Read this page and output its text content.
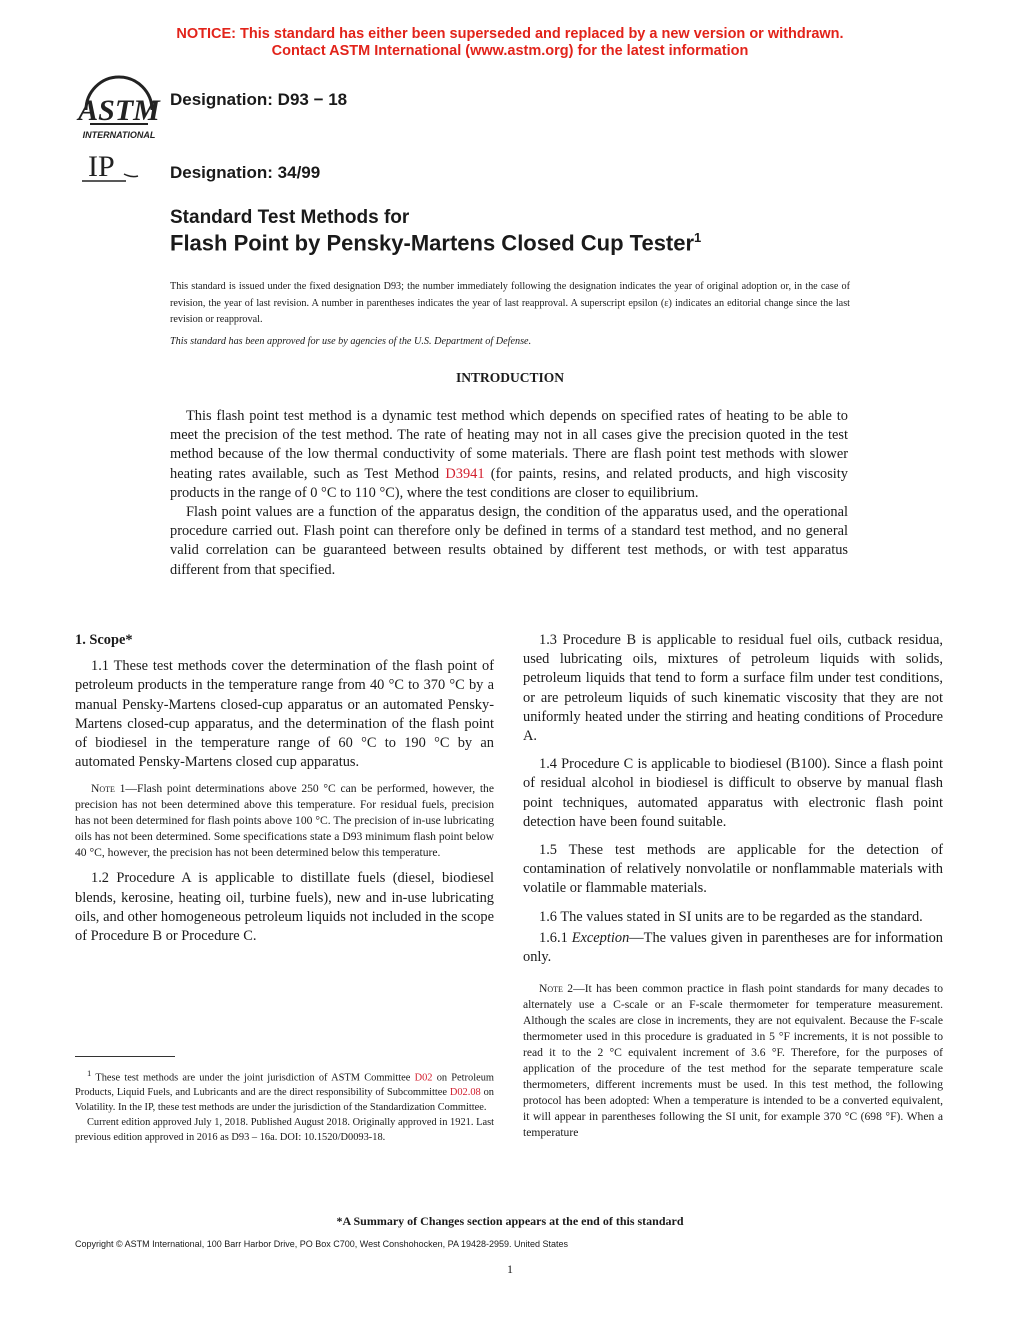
NOTICE: This standard has either been superseded and replaced by a new version or withdrawn.
Contact ASTM International (www.astm.org) for the latest information
ASTM
INTERNATIONAL
Designation: D93 − 18
IP	Designation: 34/99
Standard Test Methods for
Flash Point by Pensky-Martens Closed Cup Tester$^1$
This standard is issued under the fixed designation D93; the number immediately following the designation indicates the year of original adoption or, in the case of revision, the year of last revision. A number in parentheses indicates the year of last reapproval. A superscript epsilon (ε) indicates an editorial change since the last revision or reapproval.
This standard has been approved for use by agencies of the U.S. Department of Defense.
INTRODUCTION

This flash point test method is a dynamic test method which depends on specified rates of heating to be able to meet the precision of the test method. The rate of heating may not in all cases give the precision quoted in the test method because of the low thermal conductivity of some materials. There are flash point test methods with slower heating rates available, such as Test Method D3941 (for paints, resins, and related products, and high viscosity products in the range of 0 °C to 110 °C), where the test conditions are closer to equilibrium.

Flash point values are a function of the apparatus design, the condition of the apparatus used, and the operational procedure carried out. Flash point can therefore only be defined in terms of a standard test method, and no general valid correlation can be guaranteed between results obtained by different test methods, or with test apparatus different from that specified.

1. Scope*

1.1 These test methods cover the determination of the flash point of petroleum products in the temperature range from 40 °C to 370 °C by a manual Pensky-Martens closed-cup apparatus or an automated Pensky-Martens closed-cup apparatus, and the determination of the flash point of biodiesel in the temperature range of 60 °C to 190 °C by an automated Pensky-Martens closed cup apparatus.

Note 1—Flash point determinations above 250 °C can be performed, however, the precision has not been determined above this temperature. For residual fuels, precision has not been determined for flash points above 100 °C. The precision of in-use lubricating oils has not been determined. Some specifications state a D93 minimum flash point below 40 °C, however, the precision has not been determined below this temperature.

1.2 Procedure A is applicable to distillate fuels (diesel, biodiesel blends, kerosine, heating oil, turbine fuels), new and in-use lubricating oils, and other homogeneous petroleum liquids not included in the scope of Procedure B or Procedure C.

$^1$ These test methods are under the joint jurisdiction of ASTM Committee D02 on Petroleum Products, Liquid Fuels, and Lubricants and are the direct responsibility of Subcommittee D02.08 on Volatility. In the IP, these test methods are under the jurisdiction of the Standardization Committee.

Current edition approved July 1, 2018. Published August 2018. Originally approved in 1921. Last previous edition approved in 2016 as D93 – 16a. DOI: 10.1520/D0093-18.

1.3 Procedure B is applicable to residual fuel oils, cutback residua, used lubricating oils, mixtures of petroleum liquids with solids, petroleum liquids that tend to form a surface film under test conditions, or are petroleum liquids of such kinematic viscosity that they are not uniformly heated under the stirring and heating conditions of Procedure A.

1.4 Procedure C is applicable to biodiesel (B100). Since a flash point of residual alcohol in biodiesel is difficult to observe by manual flash point techniques, automated apparatus with electronic flash point detection have been found suitable.

1.5 These test methods are applicable for the detection of contamination of relatively nonvolatile or nonflammable materials with volatile or flammable materials.

1.6 The values stated in SI units are to be regarded as the standard.

1.6.1 Exception—The values given in parentheses are for information only.

Note 2—It has been common practice in flash point standards for many decades to alternately use a C-scale or an F-scale thermometer for temperature measurement. Although the scales are close in increments, they are not equivalent. Because the F-scale thermometer used in this procedure is graduated in 5 °F increments, it is not possible to read it to the 2 °C equivalent increment of 3.6 °F. Therefore, for the purposes of application of the procedure of the test method for the separate temperature scale thermometers, different increments must be used. In this test method, the following protocol has been adopted: When a temperature is intended to be a converted equivalent, it will appear in parentheses following the SI unit, for example 370 °C (698 °F). When a temperature

*A Summary of Changes section appears at the end of this standard
Copyright © ASTM International, 100 Barr Harbor Drive, PO Box C700, West Conshohocken, PA 19428-2959. United States
1
